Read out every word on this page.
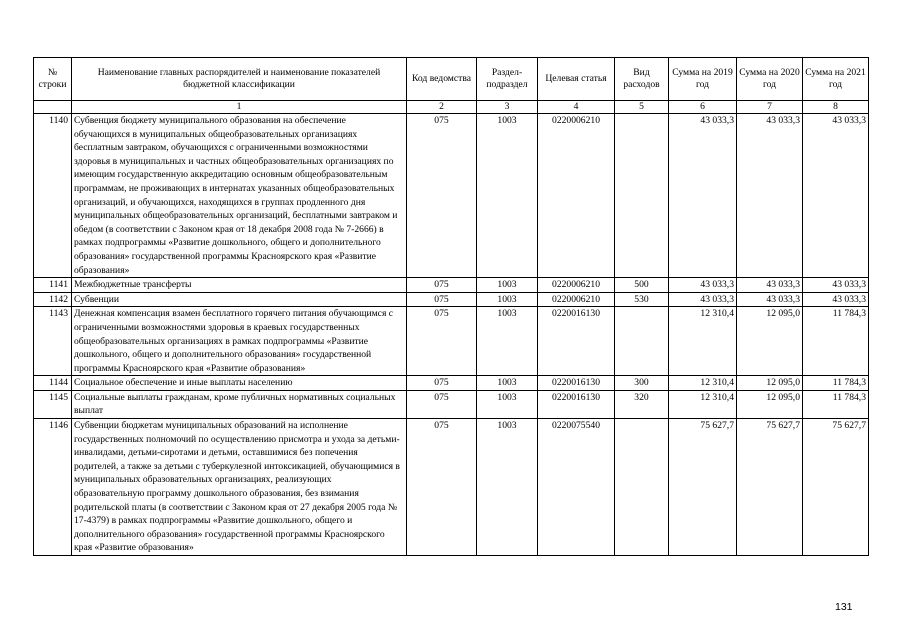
№ строки	Наименование главных распорядителей и наименование показателей бюджетной классификации	Код ведомства	Раздел-подраздел	Целевая статья	Вид расходов	Сумма на 2019 год	Сумма на 2020 год	Сумма на 2021 год
	1	2	3	4	5	6	7	8
1140	Субвенция бюджету муниципального образования на обеспечение обучающихся в муниципальных общеобразовательных организациях бесплатным завтраком, обучающихся с ограниченными возможностями здоровья в муниципальных и частных общеобразовательных организациях по имеющим государственную аккредитацию основным общеобразовательным программам, не проживающих в интернатах указанных общеобразовательных организаций, и обучающихся, находящихся в группах продленного дня муниципальных общеобразовательных организаций, бесплатными завтраком и обедом (в соответствии с Законом края от 18 декабря 2008 года № 7-2666) в рамках подпрограммы «Развитие дошкольного, общего и дополнительного образования» государственной программы Красноярского края «Развитие образования»	075	1003	0220006210		43 033,3	43 033,3	43 033,3
1141	Межбюджетные трансферты	075	1003	0220006210	500	43 033,3	43 033,3	43 033,3
1142	Субвенции	075	1003	0220006210	530	43 033,3	43 033,3	43 033,3
1143	Денежная компенсация взамен бесплатного горячего питания обучающимся с ограниченными возможностями здоровья в краевых государственных общеобразовательных организациях в рамках подпрограммы «Развитие дошкольного, общего и дополнительного образования» государственной программы Красноярского края «Развитие образования»	075	1003	0220016130		12 310,4	12 095,0	11 784,3
1144	Социальное обеспечение и иные выплаты населению	075	1003	0220016130	300	12 310,4	12 095,0	11 784,3
1145	Социальные выплаты гражданам, кроме публичных нормативных социальных выплат	075	1003	0220016130	320	12 310,4	12 095,0	11 784,3
1146	Субвенции бюджетам муниципальных образований на исполнение государственных полномочий по осуществлению присмотра и ухода за детьми-инвалидами, детьми-сиротами и детьми, оставшимися без попечения родителей, а также за детьми с туберкулезной интоксикацией, обучающимися в муниципальных образовательных организациях, реализующих образовательную программу дошкольного образования, без взимания родительской платы (в соответствии с Законом края от 27 декабря 2005 года № 17-4379) в рамках подпрограммы «Развитие дошкольного, общего и дополнительного образования» государственной программы Красноярского края «Развитие образования»	075	1003	0220075540		75 627,7	75 627,7	75 627,7
131
